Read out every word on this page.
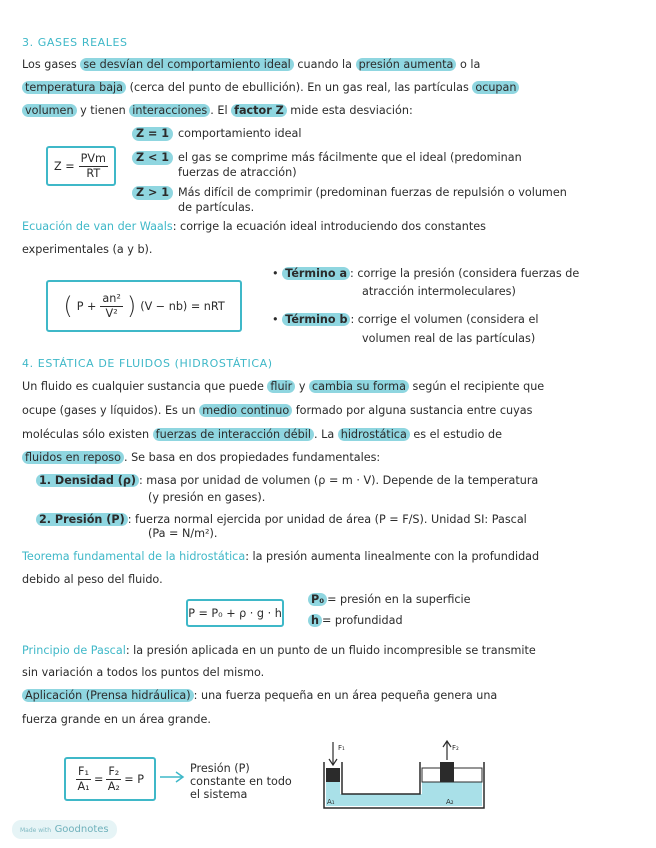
3. GASES REALES
Los gases se desvían del comportamiento ideal cuando la presión aumenta o la
temperatura baja (cerca del punto de ebullición). En un gas real, las partículas ocupan
volumen y tienen interacciones . El factor Z mide esta desviación:
$Z = \frac{\text{PVm}}{RT}$
Z = 1 comportamiento ideal
Z < 1 el gas se comprime más fácilmente que el ideal (predominan
fuerzas de atracción)
Z > 1 Más difícil de comprimir (predominan fuerzas de repulsión o volumen
de partículas.
Ecuación de van der Waals: corrige la ecuación ideal introduciendo dos constantes
experimentales (a y b).
( $P + \frac{\text{an²}}{\text{V²}}$ ) (V − nb) = nRT
• Término a : corrige la presión (considera fuerzas de
atracción intermoleculares)
• Término b : corrige el volumen (considera el
volumen real de las partículas)
4. ESTÁTICA DE FLUIDOS (HIDROSTÁTICA)
Un fluido es cualquier sustancia que puede fluir y cambia su forma según el recipiente que
ocupe (gases y líquidos). Es un medio continuo formado por alguna sustancia entre cuyas
moléculas sólo existen fuerzas de interacción débil . La hidrostática es el estudio de
fluidos en reposo . Se basa en dos propiedades fundamentales:
1. Densidad (ρ) : masa por unidad de volumen (ρ = m · V). Depende de la temperatura
(y presión en gases).
2. Presión (P) : fuerza normal ejercida por unidad de área (P = F/S). Unidad SI: Pascal
(Pa = N/m²).
Teorema fundamental de la hidrostática: la presión aumenta linealmente con la profundidad
debido al peso del fluido.
P = P₀ + ρ · g · h
P₀ = presión en la superficie
h = profundidad
Principio de Pascal: la presión aplicada en un punto de un fluido incompresible se transmite
sin variación a todos los puntos del mismo.
Aplicación (Prensa hidráulica) : una fuerza pequeña en un área pequeña genera una
fuerza grande en un área grande.
$\frac{\text{F₁}}{\text{A₁}} = \frac{\text{F₂}}{\text{A₂}} = P$
Presión (P)
constante en todo
el sistema
F₁	F₂
A₁	A₂
Made with Goodnotes
